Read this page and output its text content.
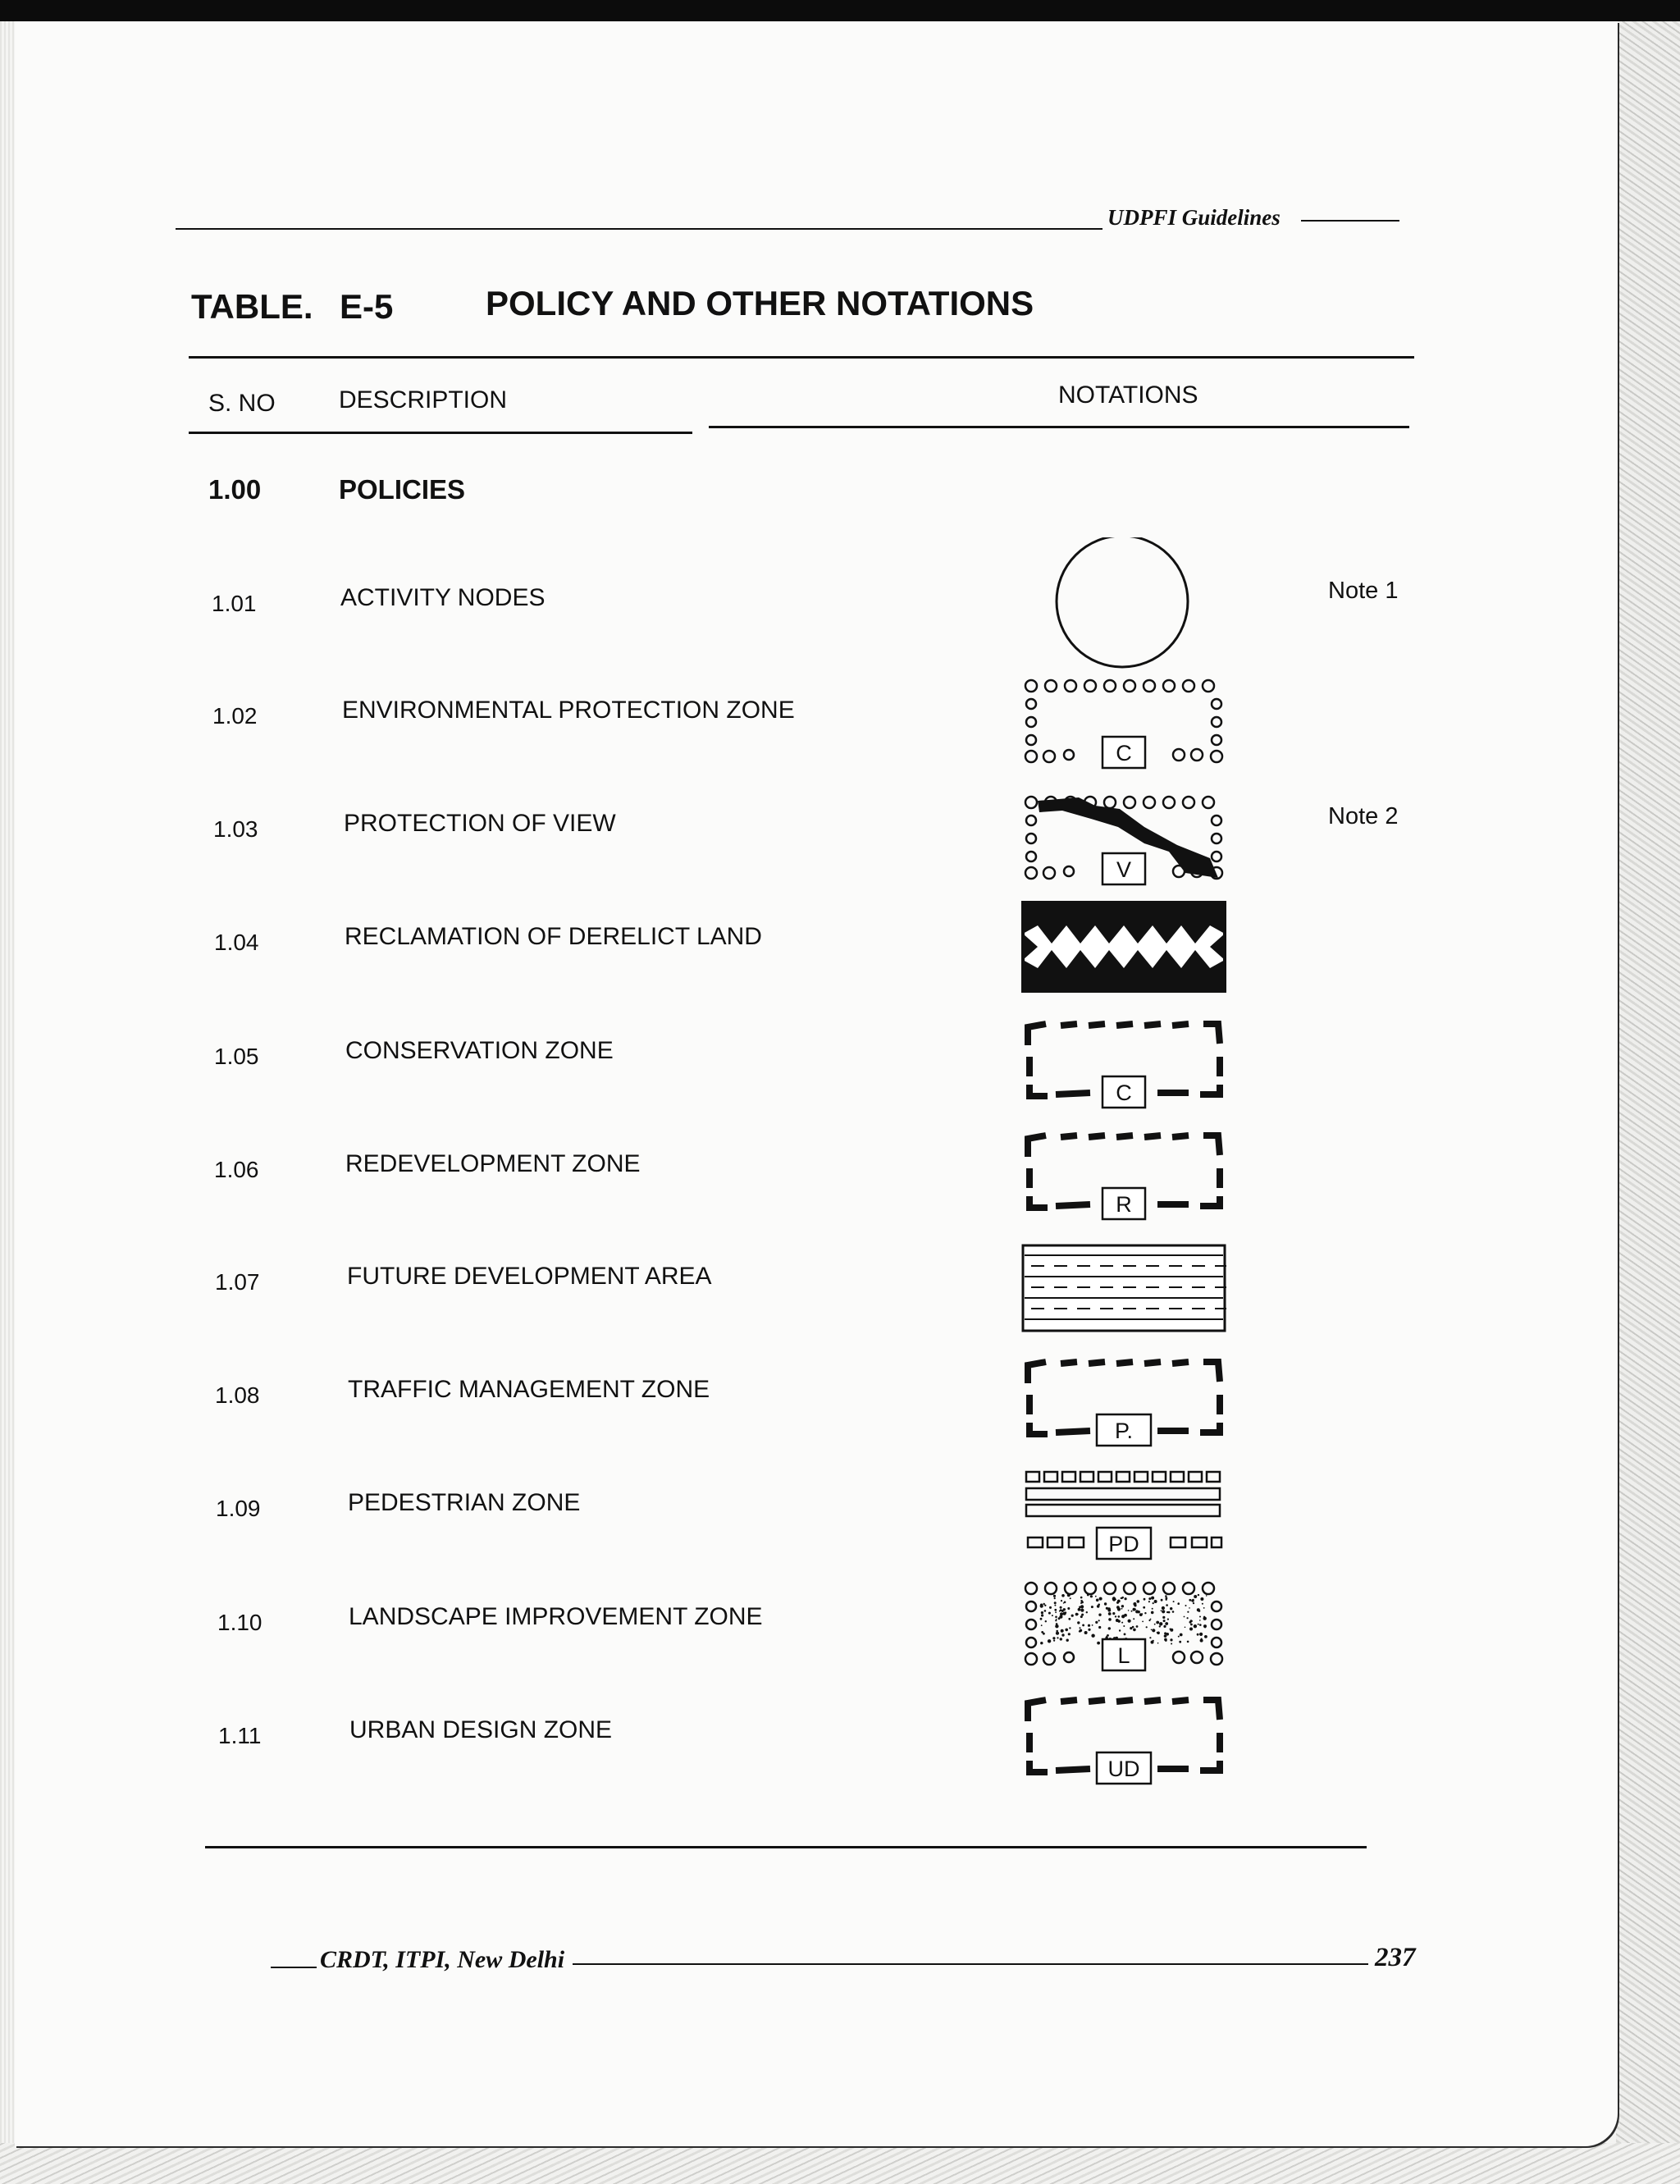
UDPFI Guidelines
TABLE. E-5	POLICY AND OTHER NOTATIONS
S. NO	DESCRIPTION	NOTATIONS
1.00	POLICIES
1.01	ACTIVITY NODES	Note 1
1.02	ENVIRONMENTAL PROTECTION ZONE
C
1.03	PROTECTION OF VIEW
V
Note 2
1.04	RECLAMATION OF DERELICT LAND
1.05	CONSERVATION ZONE
C
1.06	REDEVELOPMENT ZONE
R
1.07	FUTURE DEVELOPMENT AREA
1.08	TRAFFIC MANAGEMENT ZONE
P.
1.09	PEDESTRIAN ZONE
PD
1.10	LANDSCAPE IMPROVEMENT ZONE
L
1.11	URBAN DESIGN ZONE
UD
CRDT, ITPI, New Delhi	237
